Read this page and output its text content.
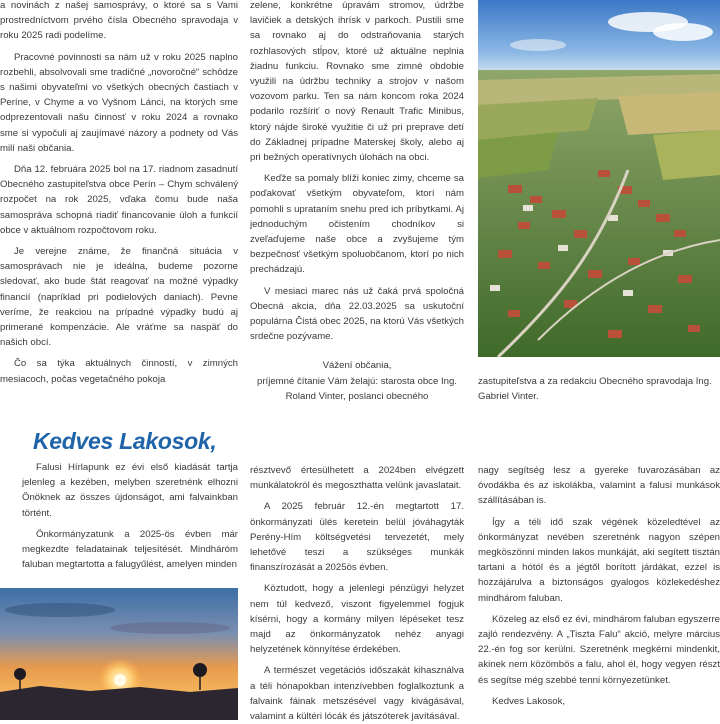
a novinách z našej samosprávy, o ktoré sa s Vami prostredníctvom prvého čísla Obecného spravodaja v roku 2025 radi podelíme.

Pracovné povinnosti sa nám už v roku 2025 naplno rozbehli, absolvovali sme tradičné „novoročné“ schôdze s našimi obyvateľmi vo všetkých obecných častiach v Períne, v Chyme a vo Vyšnom Lánci, na ktorých sme odprezentovali našu činnosť v roku 2024 a rovnako sme si vypočuli aj zaujímavé názory a podnety od Vás milí naši občania.

Dňa 12. februára 2025 bol na 17. riadnom zasadnutí Obecného zastupiteľstva obce Perín – Chym schválený rozpočet na rok 2025, vďaka čomu bude naša samospráva schopná riadiť financovanie úloh a funkcií obce v aktuálnom rozpočtovom roku.

Je verejne známe, že finančná situácia v samosprávach nie je ideálna, budeme pozorne sledovať, ako bude štát reagovať na možné výpadky financií (napríklad pri podielových daniach). Pevne veríme, že reakciou na prípadné výpadky budú aj primerané kompenzácie. Ale vráťme sa naspäť do našich obcí.

Čo sa týka aktuálnych činností, v zimných mesiacoch, počas vegetačného pokoja

zelene, konkrétne úpravám stromov, údržbe lavičiek a detských ihrísk v parkoch. Pustili sme sa rovnako aj do odstraňovania starých rozhlasových stĺpov, ktoré už aktuálne neplnia žiadnu funkciu. Rovnako sme zimné obdobie využili na údržbu techniky a strojov v našom vozovom parku. Ten sa nám koncom roka 2024 podarilo rozšíriť o nový Renault Trafic Minibus, ktorý nájde široké využitie či už pri preprave detí do Základnej prípadne Materskej školy, alebo aj pri bežných operatívnych úlohách na obci.

Keďže sa pomaly blíži koniec zimy, chceme sa poďakovať všetkým obyvateľom, ktorí nám pomohli s uprataním snehu pred ich príbytkami. Aj jednoduchým očistením chodníkov si zveľaďujeme naše obce a zvyšujeme tým bezpečnosť všetkým spoluobčanom, ktorí po nich prechádzajú.

V mesiaci marec nás už čaká prvá spoločná Obecná akcia, dňa 22.03.2025 sa uskutoční populárna Čistá obec 2025, na ktorú Vás všetkých srdečne pozývame.

Vážení občania,

príjemné čítanie Vám želajú: starosta obce Ing. Roland Vinter, poslanci obecného

zastupiteľstva a za redakciu Obecného spravodaja Ing. Gabriel Vinter.

Kedves Lakosok,

Falusi Hírlapunk ez évi első kiadását tartja jelenleg a kezében, melyben szeretnénk elhozni Önöknek az összes újdonságot, ami falvainkban történt.

Önkormányzatunk a 2025-ös évben már megkezdte feladatainak teljesítését. Mindháróm faluban megtartotta a falugyűlést, amelyen minden

résztvevő értesülhetett a 2024ben elvégzett munkálatokról és megoszthatta velünk javaslatait.

A 2025 február 12.-én megtartott 17. önkormányzati ülés keretein belül jóváhagyták Perény-Hím költségvetési tervezetét, mely lehetővé teszi a szükséges munkák finanszírozását a 2025ös évben.

Köztudott, hogy a jelenlegi pénzügyi helyzet nem túl kedvező, viszont figyelemmel fogjuk kísérni, hogy a kormány milyen lépéseket tesz majd az önkormányzatok nehéz anyagi helyzetének könnyítése érdekében.

A természet vegetációs időszakát kihasználva a téli hónapokban intenzívebben foglalkoztunk a falvaink fáinak metszésével vagy kivágásával, valamint a kültéri lócák és játszóterek javításával.

nagy segítség lesz a gyereke fuvarozásában az óvodákba és az iskolákba, valamint a falusi munkások szállításában is.

Így a téli idő szak végének közeledtével az önkormányzat nevében szeretnénk nagyon szépen megköszönni minden lakos munkáját, aki segített tisztán tartani a hótól és a jégtől borított járdákat, ezzel is hozzájárulva a biztonságos gyalogos közlekedéshez mindhárom faluban.

Közeleg az első ez évi, mindhárom faluban egyszerre zajló rendezvény. A „Tiszta Falu“ akció, melyre március 22.-én fog sor kerülni. Szeretnénk megkérni mindenkit, akinek nem közömbös a falu, ahol él, hogy vegyen részt és segítse még szebbé tenni környezetünket.

Kedves Lakosok,
